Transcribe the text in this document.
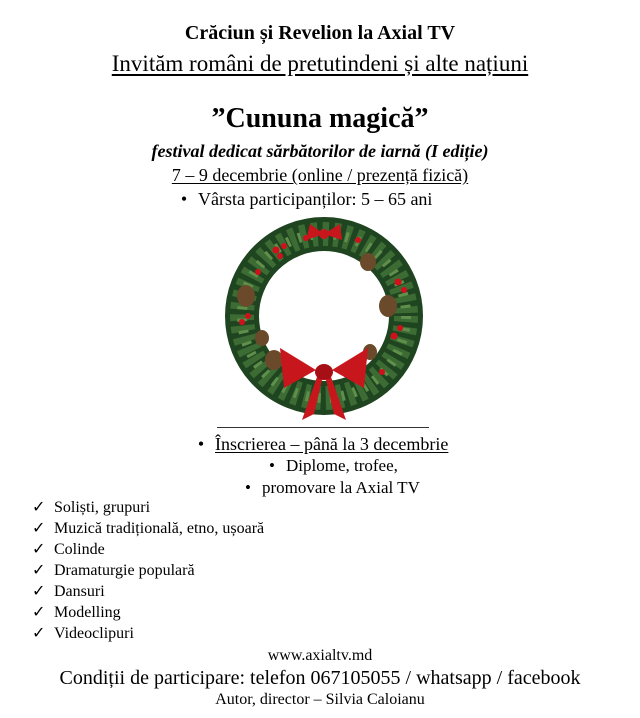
Crăciun și Revelion la Axial TV
Invităm români de pretutindeni și alte națiuni
”Cununa magică”
festival dedicat sărbătorilor de iarnă (I ediție)
7 – 9 decembrie (online / prezență fizică)
• Vârsta participanților: 5 – 65 ani
• Înscrierea – până la 3 decembrie
• Diplome, trofee,
• promovare la Axial TV
✓ Soliști, grupuri
✓ Muzică tradițională, etno, ușoară
✓ Colinde
✓ Dramaturgie populară
✓ Dansuri
✓ Modelling
✓ Videoclipuri
www.axialtv.md
Condiții de participare: telefon 067105055 / whatsapp / facebook
Autor, director – Silvia Caloianu
